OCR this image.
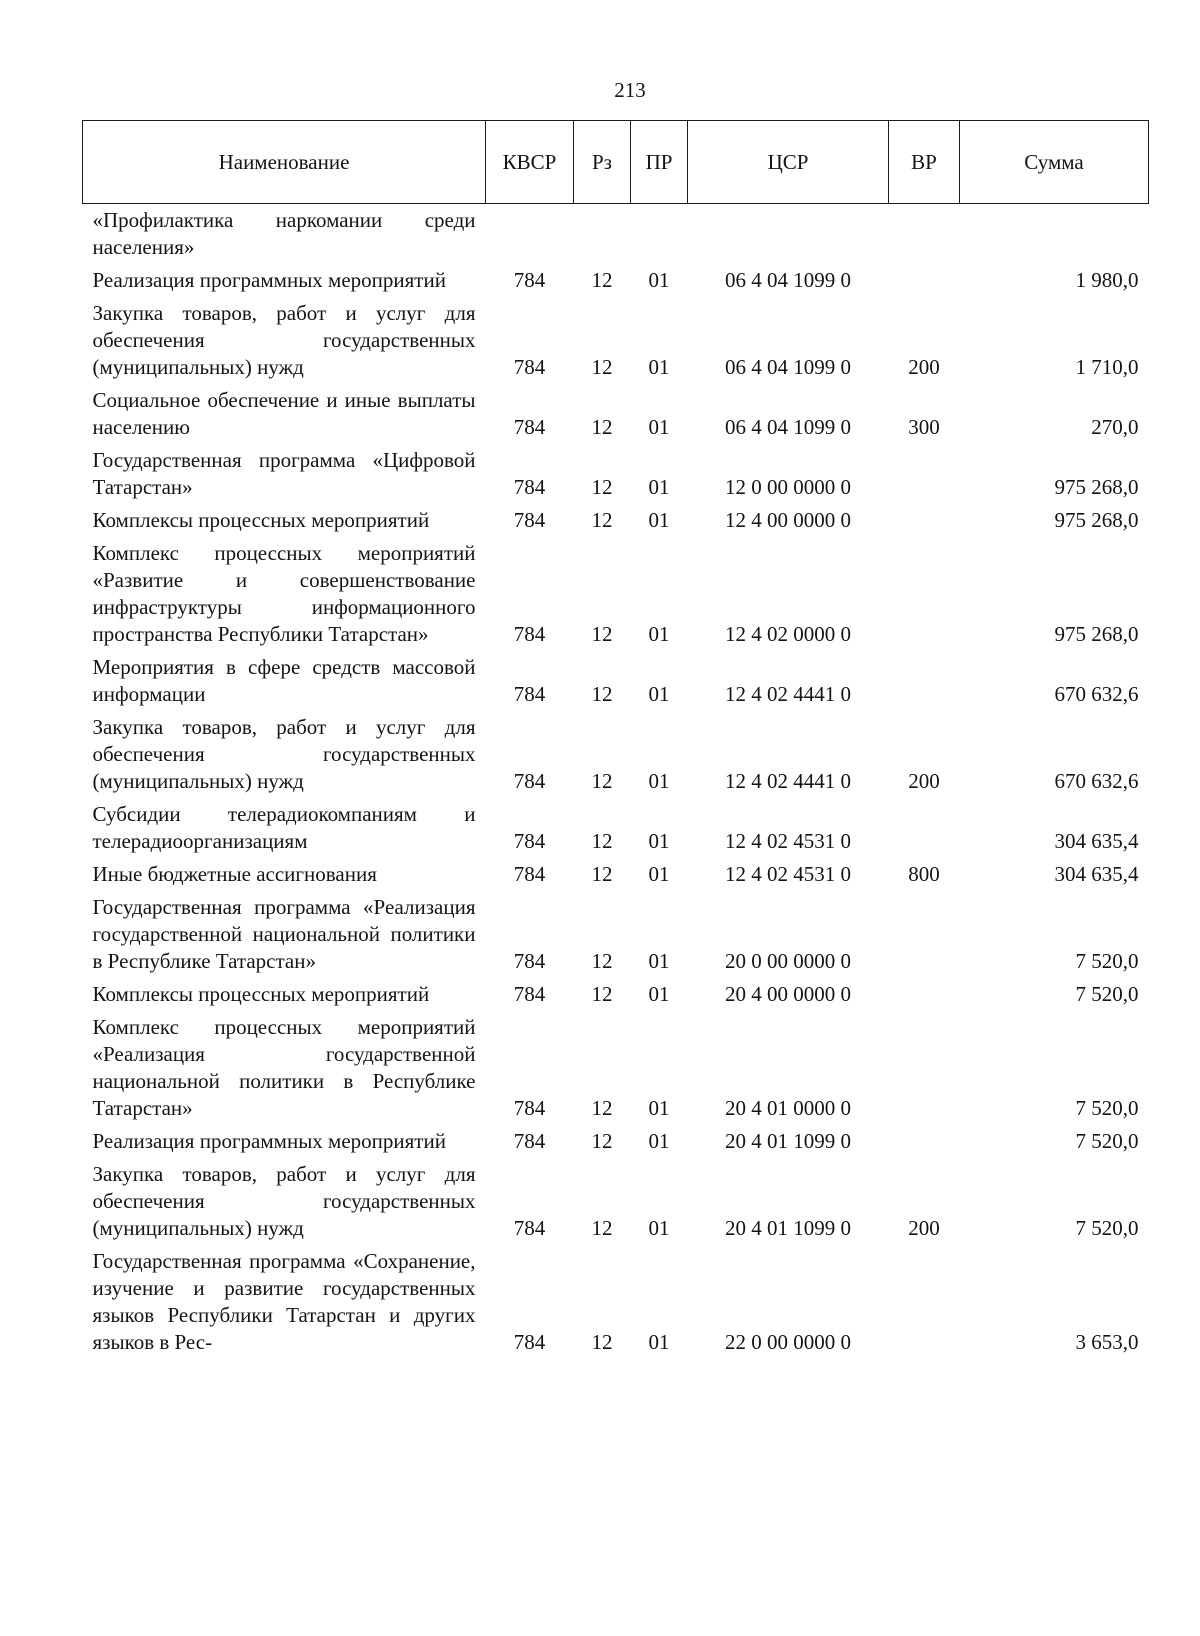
213
Наименование	КВСР	Рз	ПР	ЦСР	ВР	Сумма
«Профилактика наркомании среди населения»						
Реализация программных мероприятий	784	12	01	06 4 04 1099 0		1 980,0
Закупка товаров, работ и услуг для обеспечения государственных (муниципальных) нужд	784	12	01	06 4 04 1099 0	200	1 710,0
Социальное обеспечение и иные выплаты населению	784	12	01	06 4 04 1099 0	300	270,0
Государственная программа «Цифровой Татарстан»	784	12	01	12 0 00 0000 0		975 268,0
Комплексы процессных мероприятий	784	12	01	12 4 00 0000 0		975 268,0
Комплекс процессных мероприятий «Развитие и совершенствование инфраструктуры информационного пространства Республики Татарстан»	784	12	01	12 4 02 0000 0		975 268,0
Мероприятия в сфере средств массовой информации	784	12	01	12 4 02 4441 0		670 632,6
Закупка товаров, работ и услуг для обеспечения государственных (муниципальных) нужд	784	12	01	12 4 02 4441 0	200	670 632,6
Субсидии телерадиокомпаниям и телерадиоорганизациям	784	12	01	12 4 02 4531 0		304 635,4
Иные бюджетные ассигнования	784	12	01	12 4 02 4531 0	800	304 635,4
Государственная программа «Реализация государственной национальной политики в Республике Татарстан»	784	12	01	20 0 00 0000 0		7 520,0
Комплексы процессных мероприятий	784	12	01	20 4 00 0000 0		7 520,0
Комплекс процессных мероприятий «Реализация государственной национальной политики в Республике Татарстан»	784	12	01	20 4 01 0000 0		7 520,0
Реализация программных мероприятий	784	12	01	20 4 01 1099 0		7 520,0
Закупка товаров, работ и услуг для обеспечения государственных (муниципальных) нужд	784	12	01	20 4 01 1099 0	200	7 520,0
Государственная программа «Сохранение, изучение и развитие государственных языков Республики Татарстан и других языков в Рес-	784	12	01	22 0 00 0000 0		3 653,0
